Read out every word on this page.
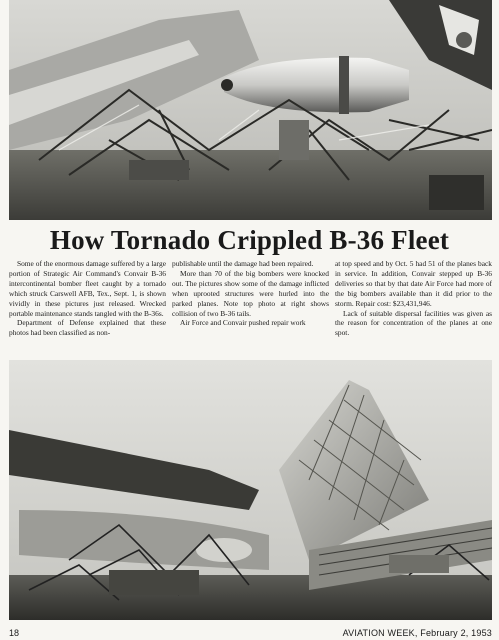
How Tornado Crippled B-36 Fleet

Some of the enormous damage suffered by a large portion of Strategic Air Command's Convair B-36 intercontinental bomber fleet caught by a tornado which struck Carswell AFB, Tex., Sept. 1, is shown vividly in these pictures just released. Wrecked portable maintenance stands tangled with the B-36s.

Department of Defense explained that these photos had been classified as non-

publishable until the damage had been repaired.

More than 70 of the big bombers were knocked out. The pictures show some of the damage inflicted when uprooted structures were hurled into the parked planes. Note top photo at right shows collision of two B-36 tails.

Air Force and Convair pushed repair work

at top speed and by Oct. 5 had 51 of the planes back in service. In addition, Convair stepped up B-36 deliveries so that by that date Air Force had more of the big bombers available than it did prior to the storm. Repair cost: $23,431,946.

Lack of suitable dispersal facilities was given as the reason for concentration of the planes at one spot.

18	AVIATION WEEK, February 2, 1953
